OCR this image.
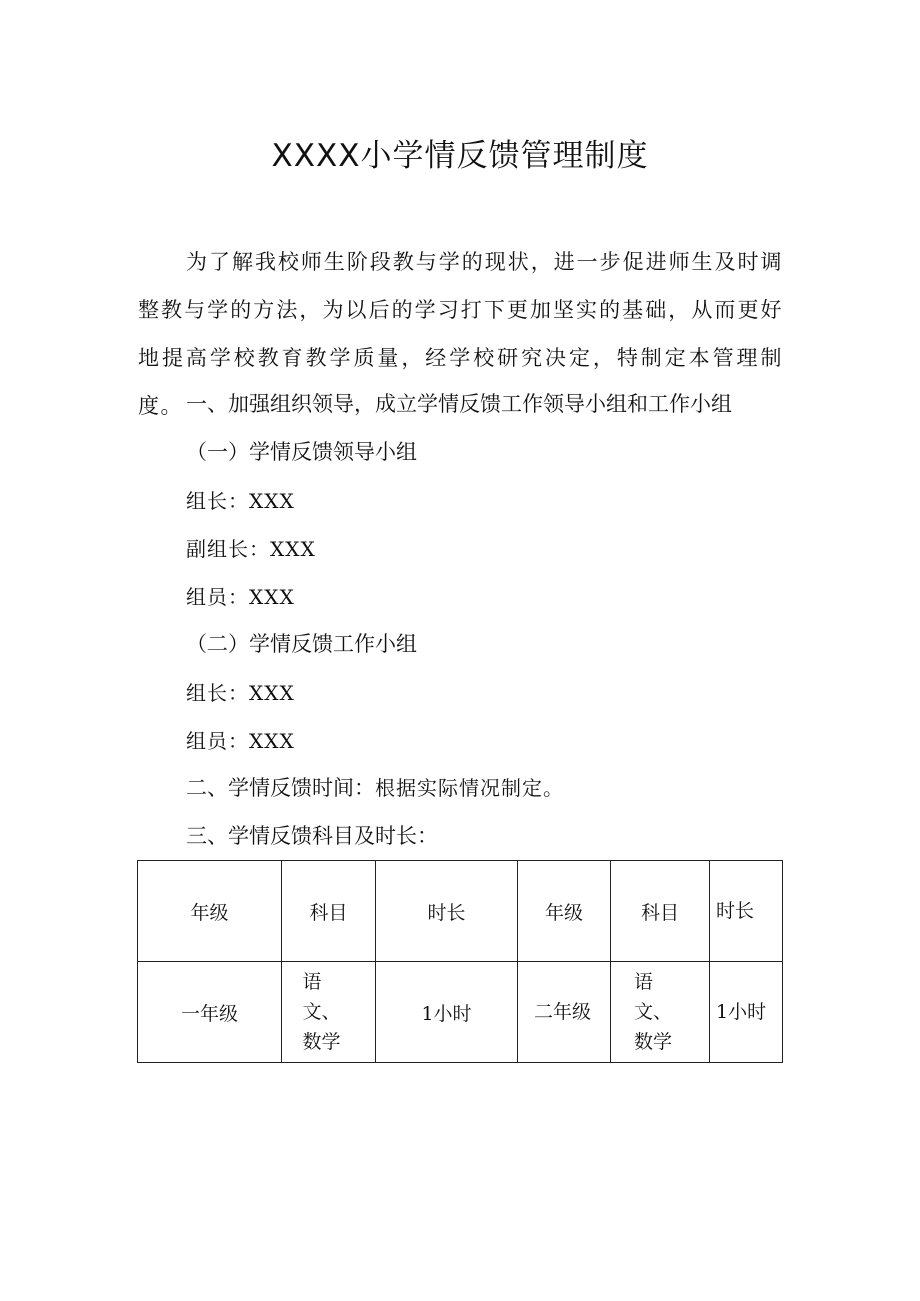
XXXX小学情反馈管理制度

为了解我校师生阶段教与学的现状，进一步促进师生及时调整教与学的方法，为以后的学习打下更加坚实的基础，从而更好地提高学校教育教学质量，经学校研究决定，特制定本管理制度。 一、加强组织领导，成立学情反馈工作领导小组和工作小组
（一）学情反馈领导小组
组长：XXX
副组长：XXX
组员：XXX
（二）学情反馈工作小组
组长：XXX
组员：XXX
二、学情反馈时间：根据实际情况制定。
三、学情反馈科目及时长：
年级	科目	时长	年级	科目	时长

一年级	语文、数学	1小时	二年级	语文、数学	1小时
